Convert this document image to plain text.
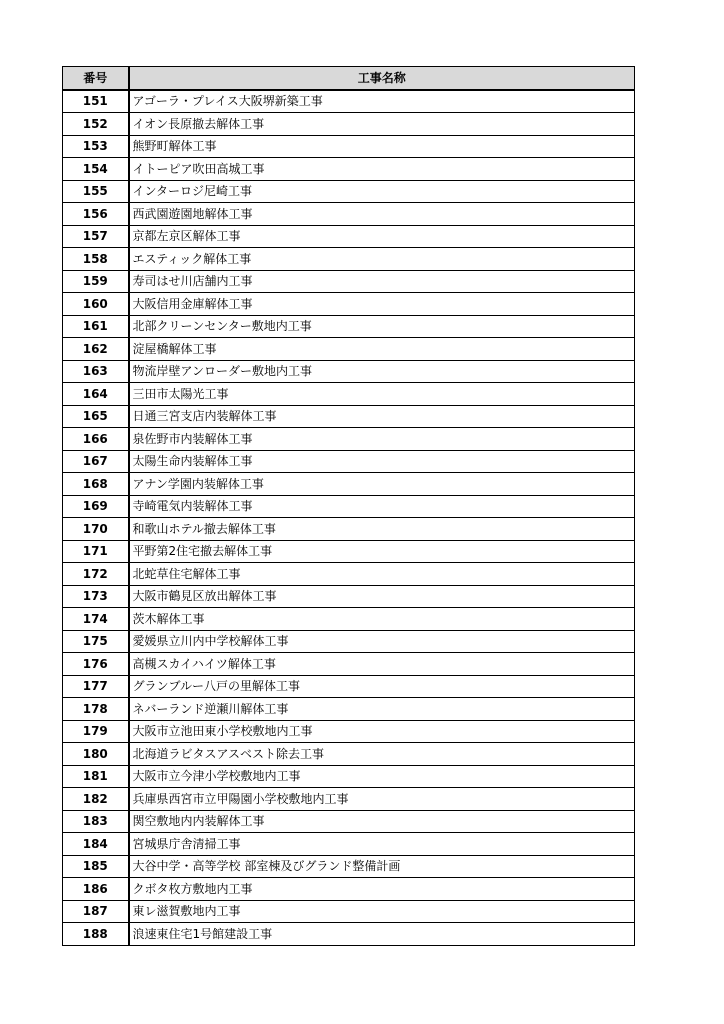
番号	工事名称
151	アゴーラ・プレイス大阪堺新築工事
152	イオン長原撤去解体工事
153	熊野町解体工事
154	イトーピア吹田高城工事
155	インターロジ尼崎工事
156	西武園遊園地解体工事
157	京都左京区解体工事
158	エスティック解体工事
159	寿司はせ川店舗内工事
160	大阪信用金庫解体工事
161	北部クリーンセンター敷地内工事
162	淀屋橋解体工事
163	物流岸壁アンローダー敷地内工事
164	三田市太陽光工事
165	日通三宮支店内装解体工事
166	泉佐野市内装解体工事
167	太陽生命内装解体工事
168	アナン学園内装解体工事
169	寺崎電気内装解体工事
170	和歌山ホテル撤去解体工事
171	平野第2住宅撤去解体工事
172	北蛇草住宅解体工事
173	大阪市鶴見区放出解体工事
174	茨木解体工事
175	愛媛県立川内中学校解体工事
176	高槻スカイハイツ解体工事
177	グランブルー八戸の里解体工事
178	ネバーランド逆瀬川解体工事
179	大阪市立池田東小学校敷地内工事
180	北海道ラビタスアスベスト除去工事
181	大阪市立今津小学校敷地内工事
182	兵庫県西宮市立甲陽園小学校敷地内工事
183	関空敷地内内装解体工事
184	宮城県庁舎清掃工事
185	大谷中学・高等学校 部室棟及びグランド整備計画
186	クボタ枚方敷地内工事
187	東レ滋賀敷地内工事
188	浪速東住宅1号館建設工事
